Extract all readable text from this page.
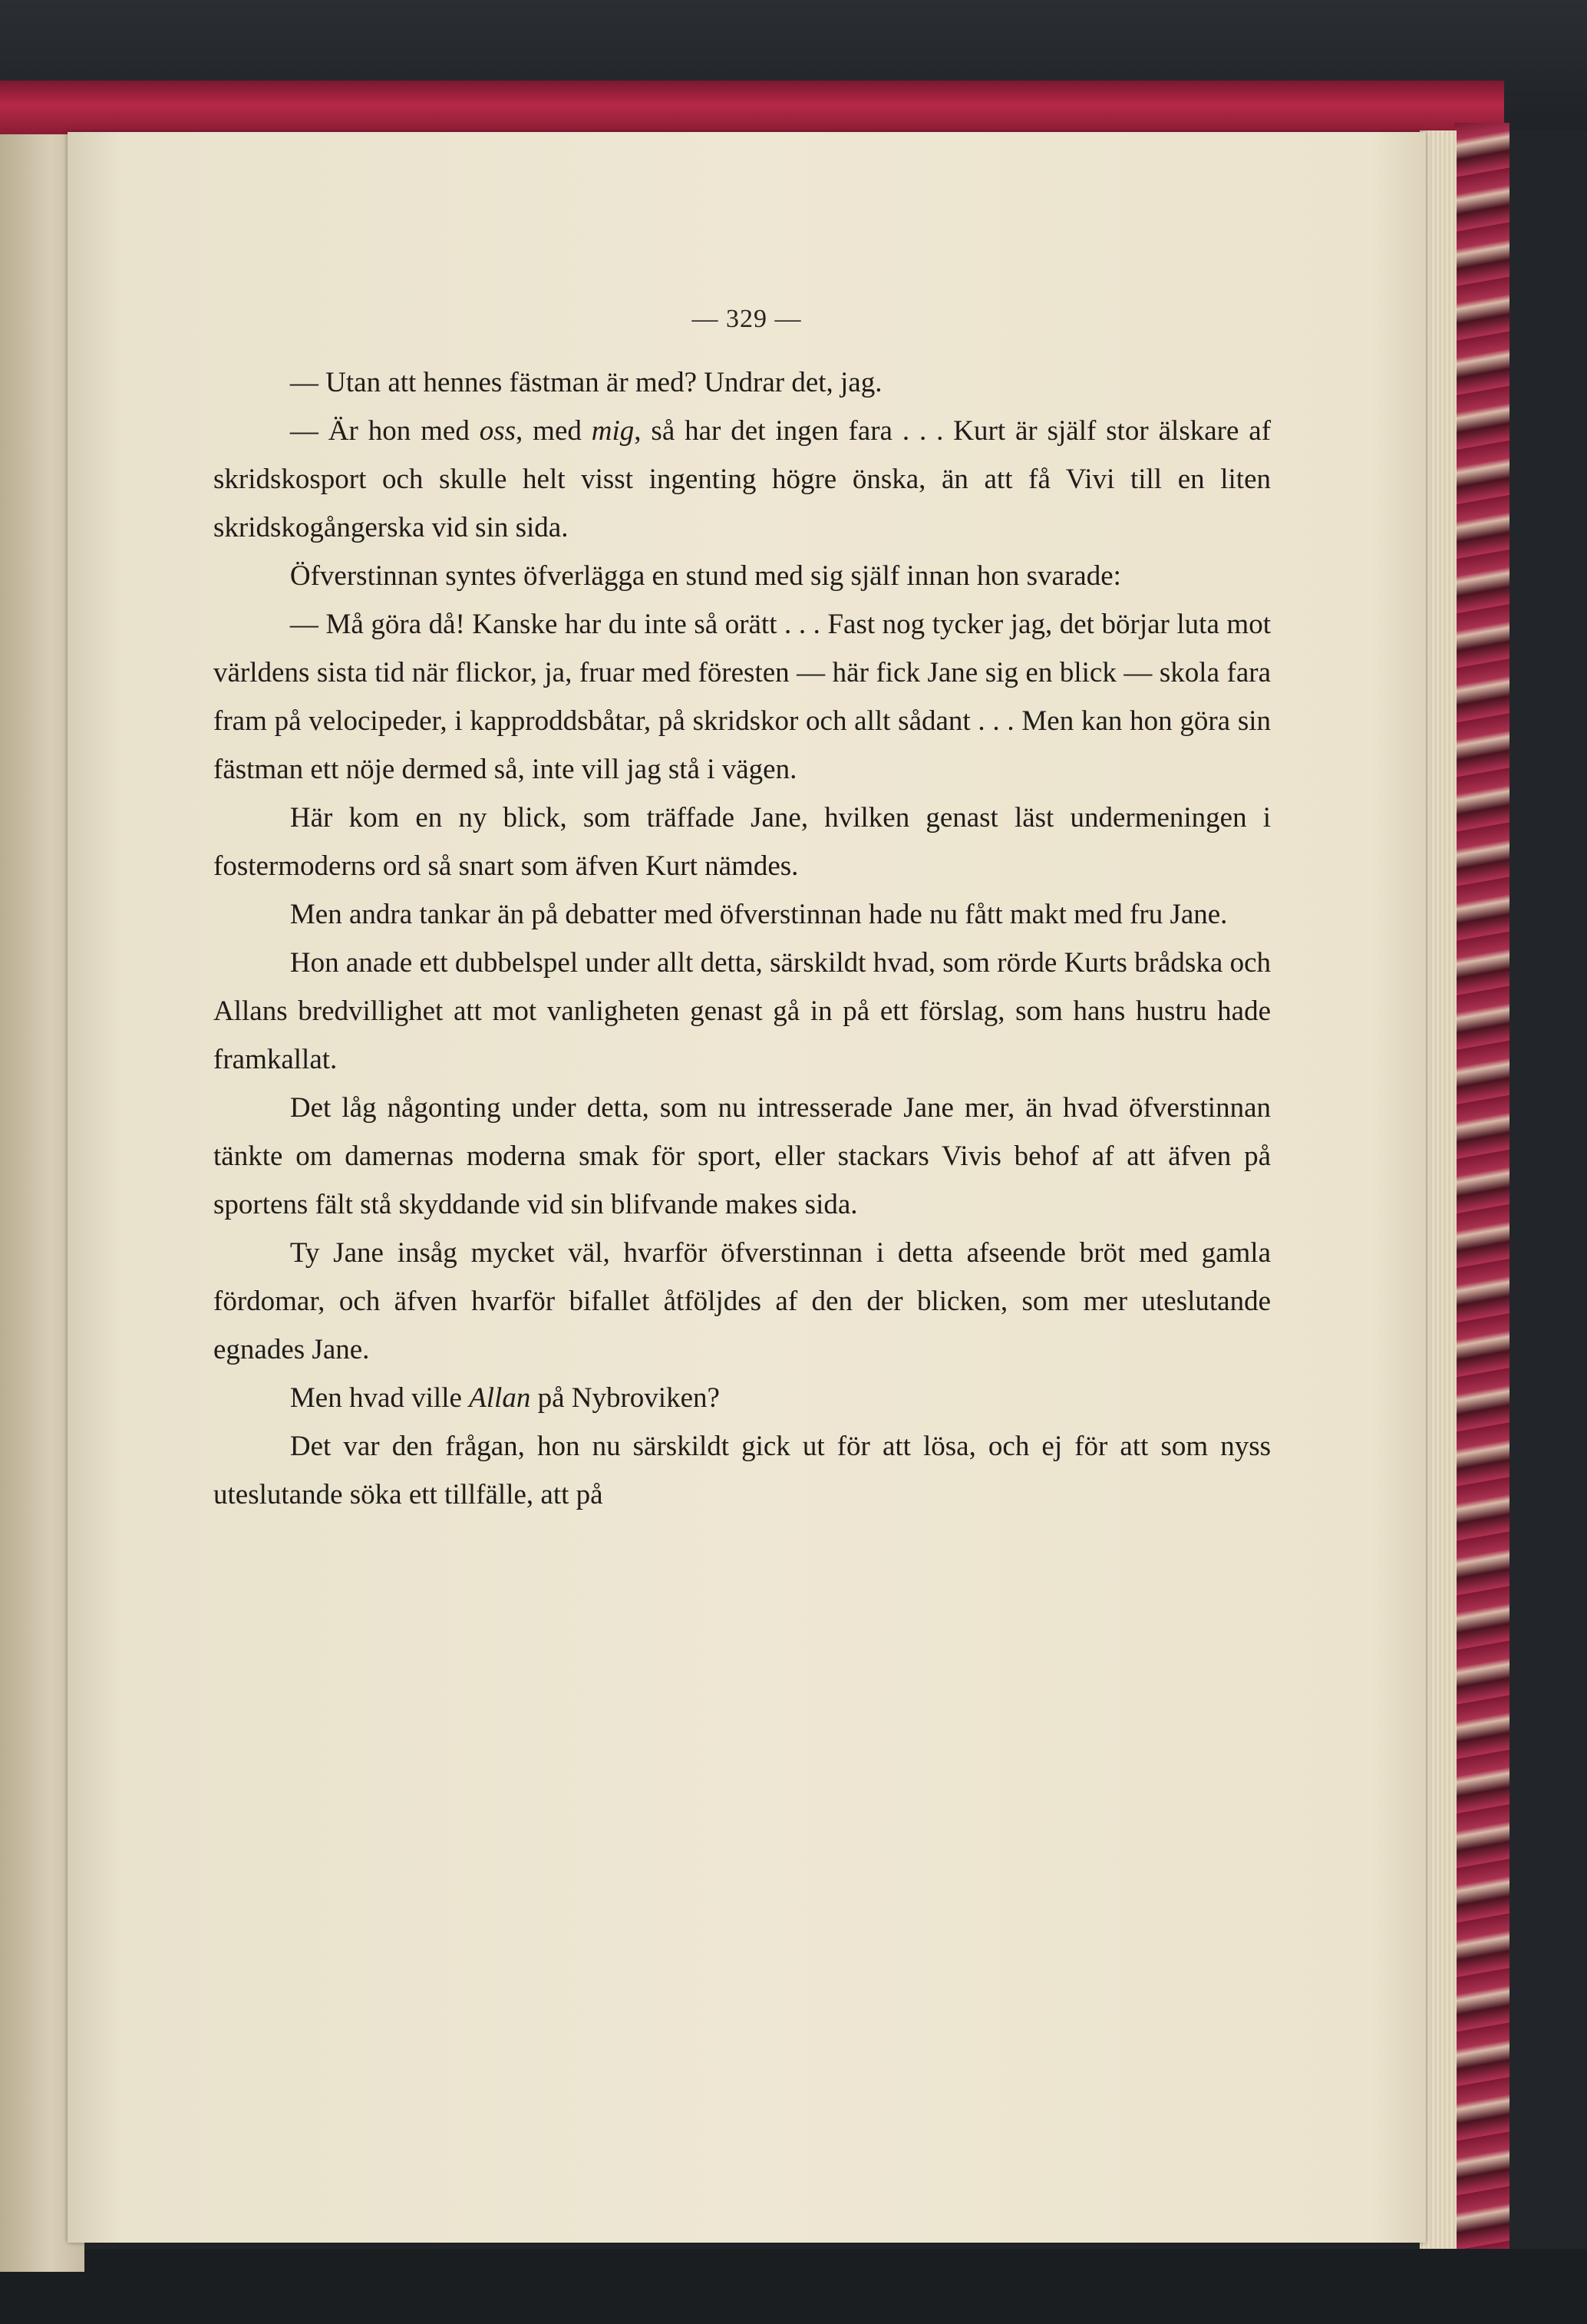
— 329 —

— Utan att hennes fästman är med? Undrar det, jag.

— Är hon med oss, med mig, så har det ingen fara . . . Kurt är själf stor älskare af skridskosport och skulle helt visst ingenting högre önska, än att få Vivi till en liten skridskogångerska vid sin sida.

Öfverstinnan syntes öfverlägga en stund med sig själf innan hon svarade:

— Må göra då! Kanske har du inte så orätt . . . Fast nog tycker jag, det börjar luta mot världens sista tid när flickor, ja, fruar med föresten — här fick Jane sig en blick — skola fara fram på velocipeder, i kapproddsbåtar, på skridskor och allt sådant . . . Men kan hon göra sin fästman ett nöje dermed så, inte vill jag stå i vägen.

Här kom en ny blick, som träffade Jane, hvilken genast läst undermeningen i fostermoderns ord så snart som äfven Kurt nämdes.

Men andra tankar än på debatter med öfverstinnan hade nu fått makt med fru Jane.

Hon anade ett dubbelspel under allt detta, särskildt hvad, som rörde Kurts brådska och Allans bredvillighet att mot vanligheten genast gå in på ett förslag, som hans hustru hade framkallat.

Det låg någonting under detta, som nu intresserade Jane mer, än hvad öfverstinnan tänkte om damernas moderna smak för sport, eller stackars Vivis behof af att äfven på sportens fält stå skyddande vid sin blifvande makes sida.

Ty Jane insåg mycket väl, hvarför öfverstinnan i detta afseende bröt med gamla fördomar, och äfven hvarför bifallet åtföljdes af den der blicken, som mer uteslutande egnades Jane.

Men hvad ville Allan på Nybroviken?

Det var den frågan, hon nu särskildt gick ut för att lösa, och ej för att som nyss uteslutande söka ett tillfälle, att på
